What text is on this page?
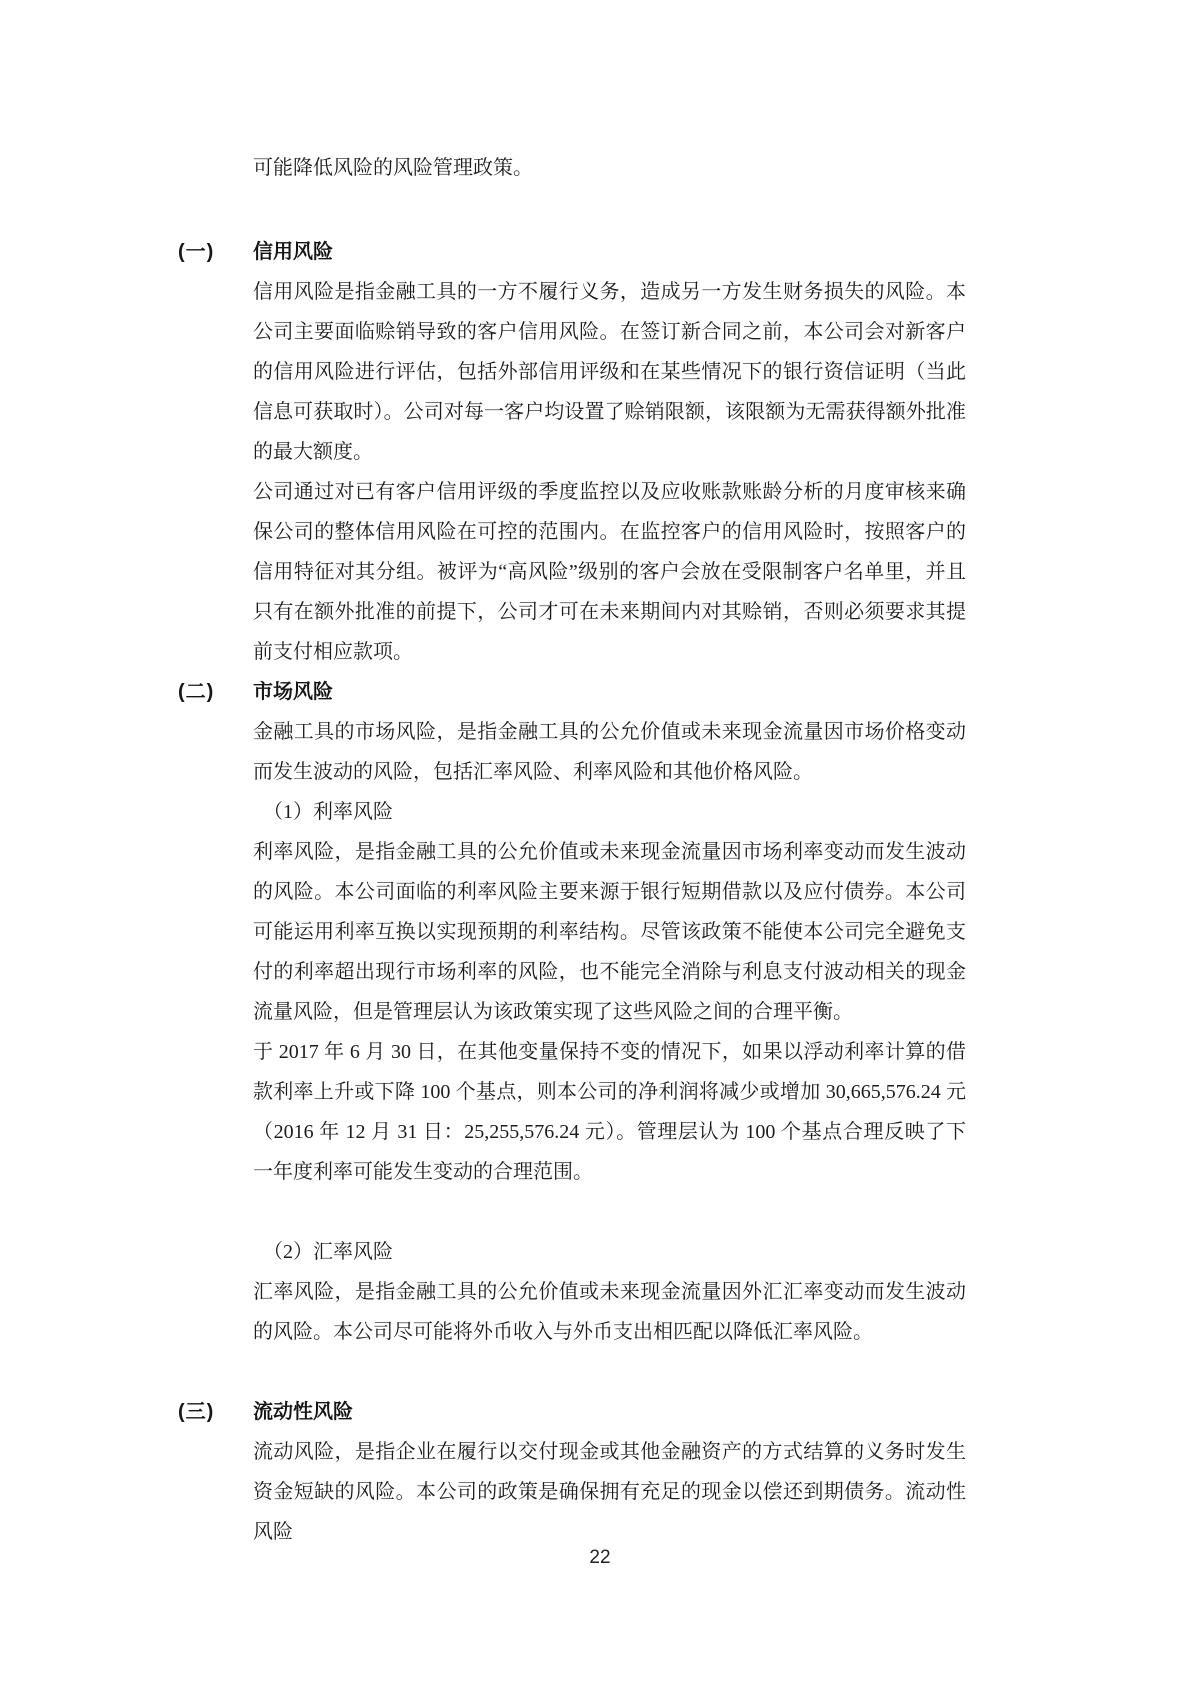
可能降低风险的风险管理政策。

(一)	信用风险

信用风险是指金融工具的一方不履行义务，造成另一方发生财务损失的风险。本公司主要面临赊销导致的客户信用风险。在签订新合同之前，本公司会对新客户的信用风险进行评估，包括外部信用评级和在某些情况下的银行资信证明（当此信息可获取时）。公司对每一客户均设置了赊销限额，该限额为无需获得额外批准的最大额度。

公司通过对已有客户信用评级的季度监控以及应收账款账龄分析的月度审核来确保公司的整体信用风险在可控的范围内。在监控客户的信用风险时，按照客户的信用特征对其分组。被评为“高风险”级别的客户会放在受限制客户名单里，并且只有在额外批准的前提下，公司才可在未来期间内对其赊销，否则必须要求其提前支付相应款项。

(二)	市场风险

金融工具的市场风险，是指金融工具的公允价值或未来现金流量因市场价格变动而发生波动的风险，包括汇率风险、利率风险和其他价格风险。

（1）利率风险

利率风险，是指金融工具的公允价值或未来现金流量因市场利率变动而发生波动的风险。本公司面临的利率风险主要来源于银行短期借款以及应付债券。本公司可能运用利率互换以实现预期的利率结构。尽管该政策不能使本公司完全避免支付的利率超出现行市场利率的风险，也不能完全消除与利息支付波动相关的现金流量风险，但是管理层认为该政策实现了这些风险之间的合理平衡。

于 2017 年 6 月 30 日，在其他变量保持不变的情况下，如果以浮动利率计算的借款利率上升或下降 100 个基点，则本公司的净利润将减少或增加 30,665,576.24 元（2016 年 12 月 31 日：25,255,576.24 元）。管理层认为 100 个基点合理反映了下一年度利率可能发生变动的合理范围。

（2）汇率风险

汇率风险，是指金融工具的公允价值或未来现金流量因外汇汇率变动而发生波动的风险。本公司尽可能将外币收入与外币支出相匹配以降低汇率风险。

(三)	流动性风险

流动风险，是指企业在履行以交付现金或其他金融资产的方式结算的义务时发生资金短缺的风险。本公司的政策是确保拥有充足的现金以偿还到期债务。流动性风险

22
